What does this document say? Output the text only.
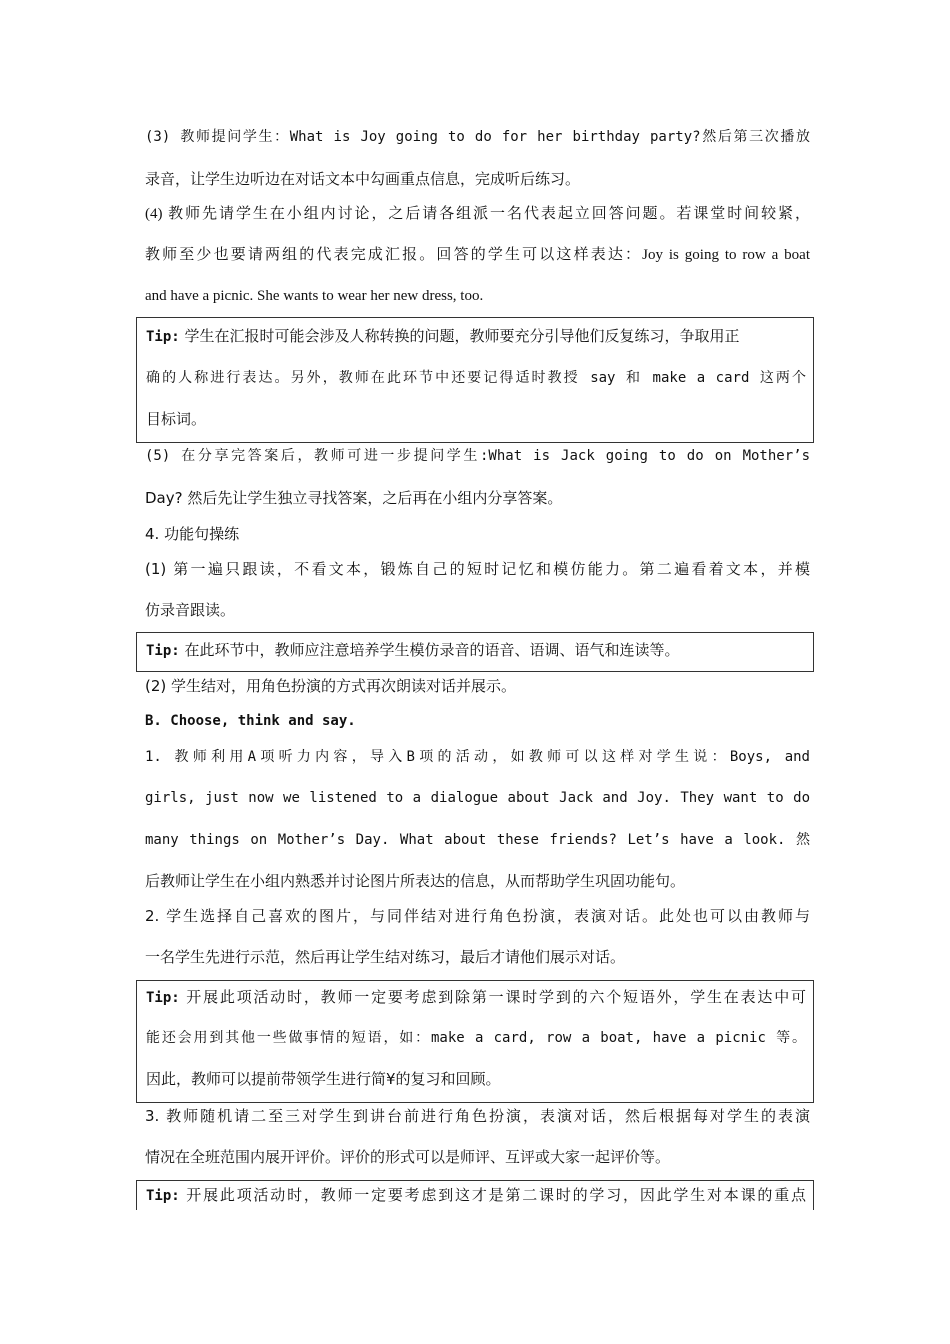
(3) 教师提问学生：What is Joy going to do for her birthday party?然后第三次播放
录音，让学生边听边在对话文本中勾画重点信息，完成听后练习。
(4) 教师先请学生在小组内讨论，之后请各组派一名代表起立回答问题。若课堂时间较紧，
教师至少也要请两组的代表完成汇报。回答的学生可以这样表达：Joy is going to row a boat
and have a picnic. She wants to wear her new dress, too.
Tip: 学生在汇报时可能会涉及人称转换的问题，教师要充分引导他们反复练习，争取用正
确的人称进行表达。另外，教师在此环节中还要记得适时教授 say 和 make a card 这两个
目标词。
(5) 在分享完答案后，教师可进一步提问学生:What is Jack going to do on Mother’s
Day? 然后先让学生独立寻找答案，之后再在小组内分享答案。
4. 功能句操练
(1) 第一遍只跟读，不看文本，锻炼自己的短时记忆和模仿能力。第二遍看着文本，并模
仿录音跟读。
Tip: 在此环节中，教师应注意培养学生模仿录音的语音、语调、语气和连读等。
(2) 学生结对，用角色扮演的方式再次朗读对话并展示。
B. Choose, think and say.
1. 教师利用A项听力内容，导入B项的活动，如教师可以这样对学生说：Boys, and
girls, just now we listened to a dialogue about Jack and Joy. They want to do
many things on Mother’s Day. What about these friends? Let’s have a look. 然
后教师让学生在小组内熟悉并讨论图片所表达的信息，从而帮助学生巩固功能句。
2. 学生选择自己喜欢的图片，与同伴结对进行角色扮演，表演对话。此处也可以由教师与
一名学生先进行示范，然后再让学生结对练习，最后才请他们展示对话。
Tip: 开展此项活动时，教师一定要考虑到除第一课时学到的六个短语外，学生在表达中可
能还会用到其他一些做事情的短语，如：make a card, row a boat, have a picnic 等。
因此，教师可以提前带领学生进行简¥的复习和回顾。
3. 教师随机请二至三对学生到讲台前进行角色扮演，表演对话，然后根据每对学生的表演
情况在全班范围内展开评价。评价的形式可以是师评、互评或大家一起评价等。
Tip: 开展此项活动时，教师一定要考虑到这才是第二课时的学习，因此学生对本课的重点
